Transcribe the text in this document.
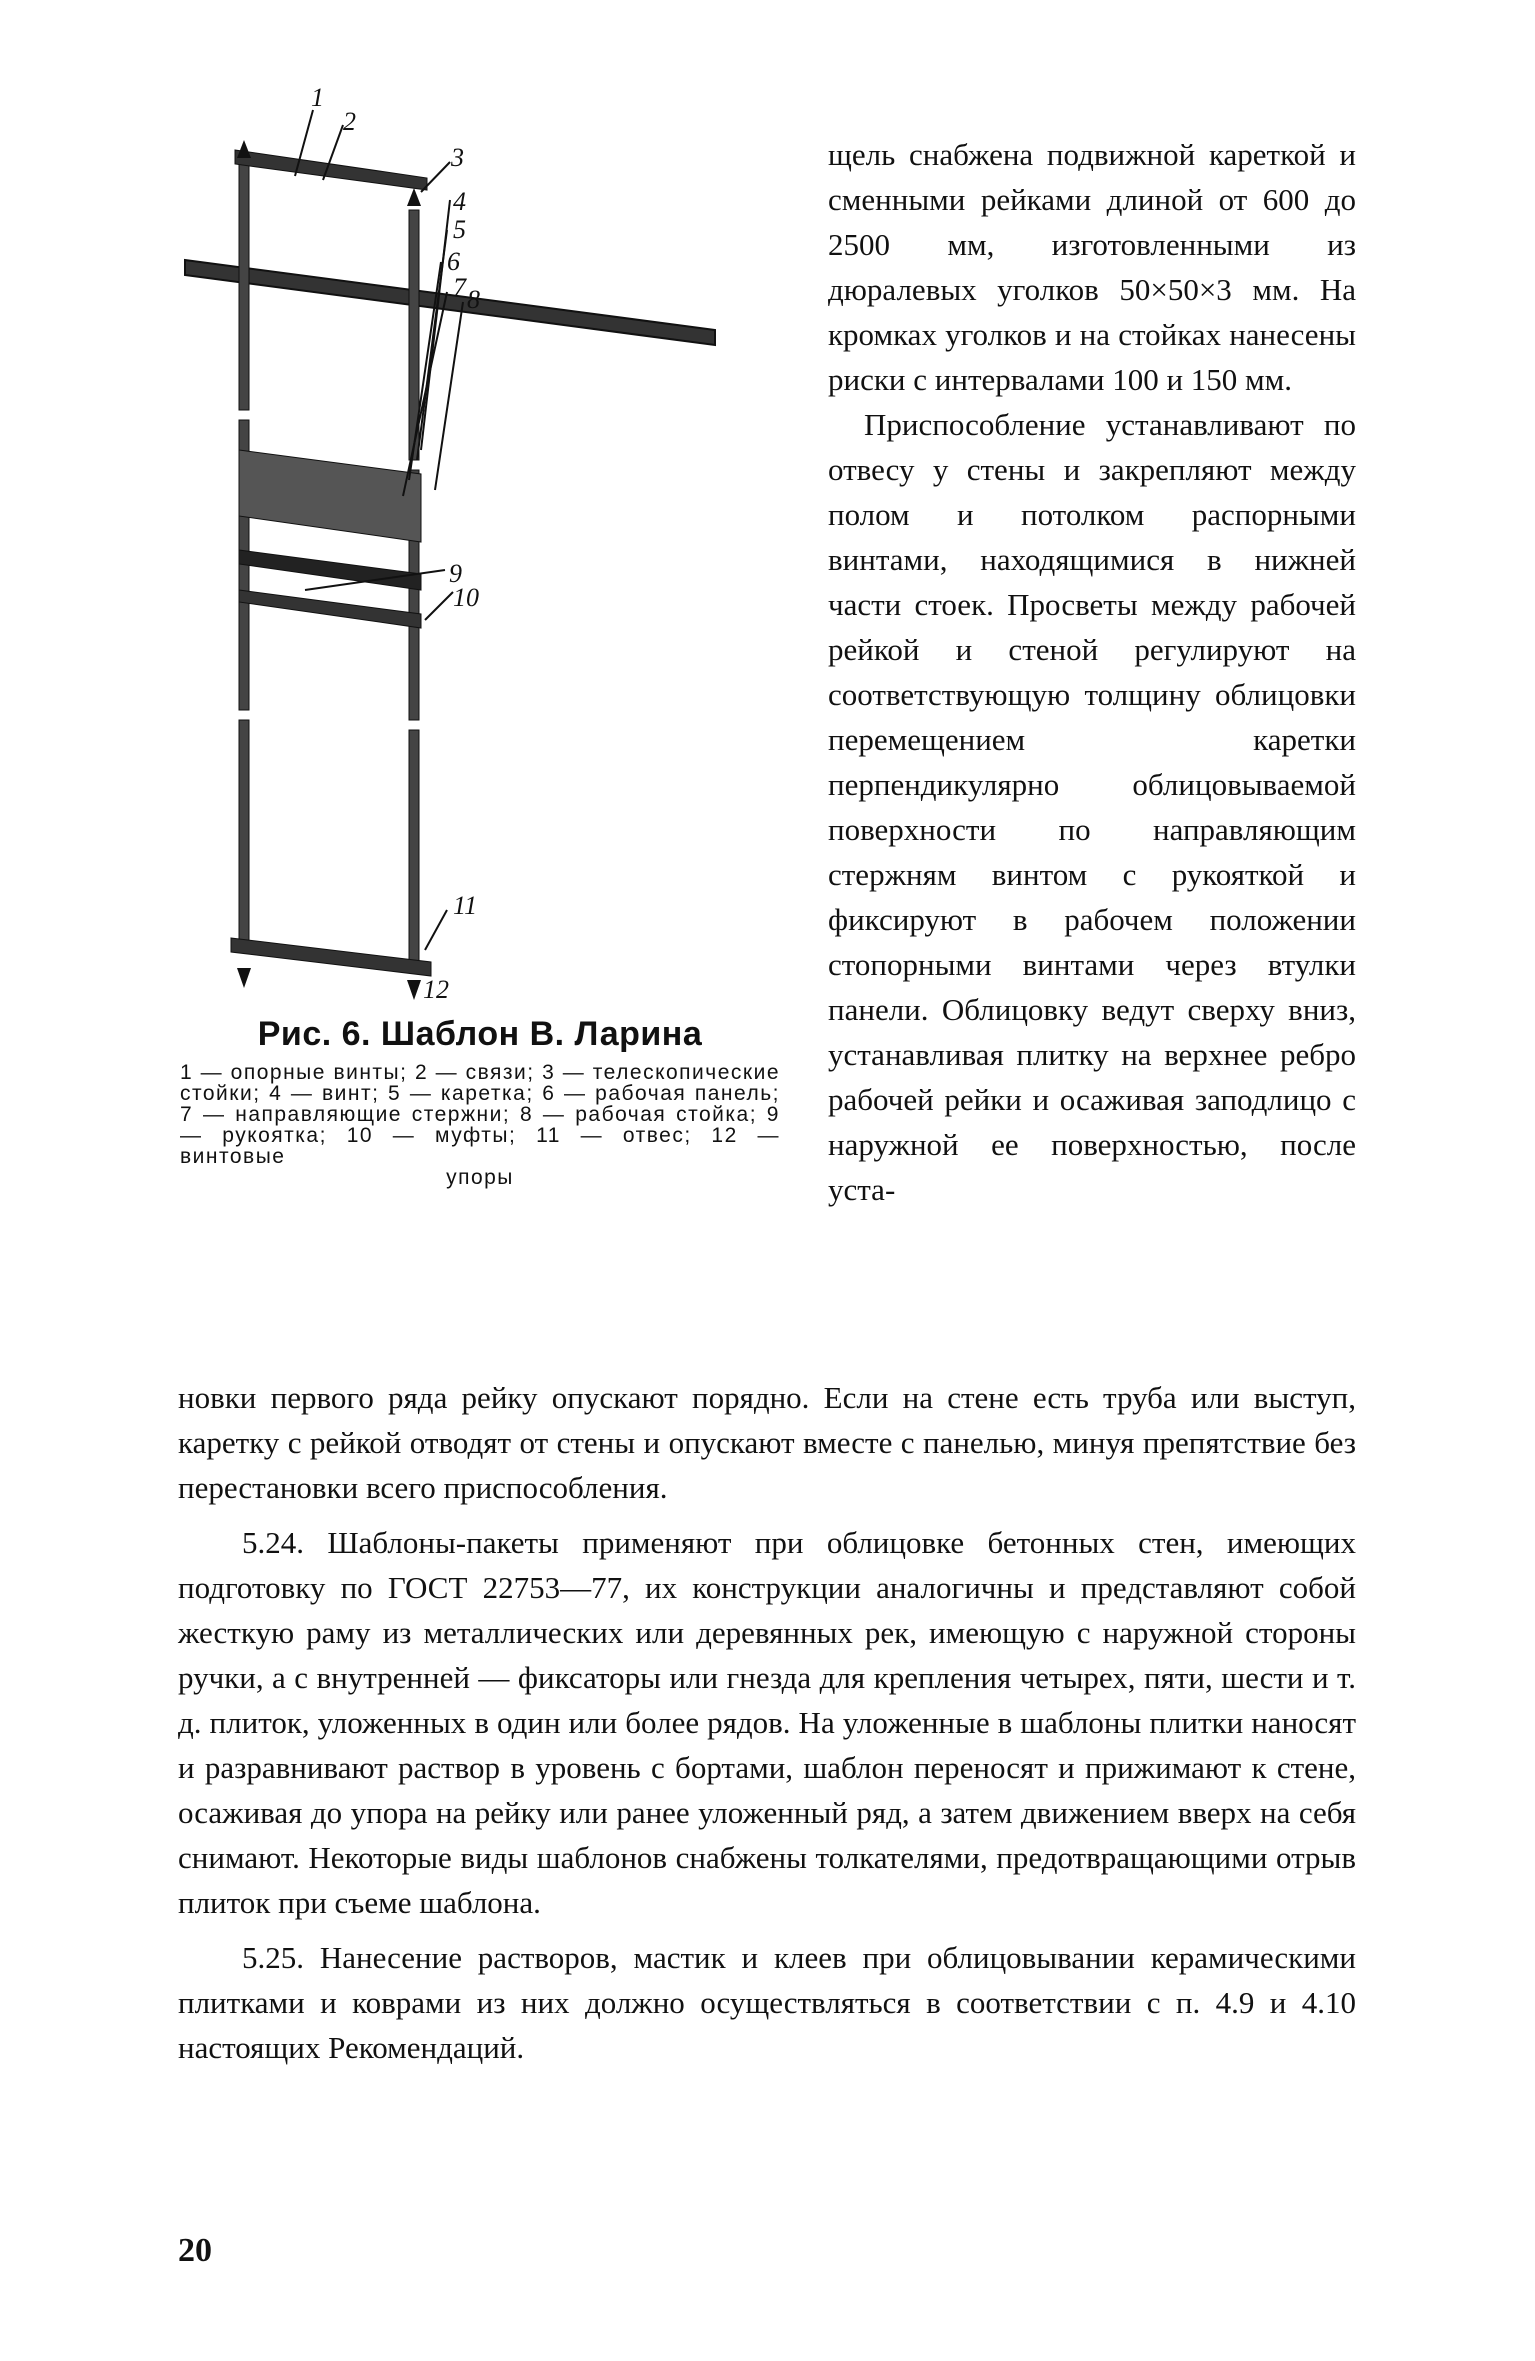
1
2
3
4
5
6
7 8
9
10
11
12

Рис. 6. Шаблон В. Ларина

1 — опорные винты; 2 — связи; 3 — телескопические стойки; 4 — винт; 5 — каретка; 6 — рабочая панель; 7 — направляющие стержни; 8 — рабочая стойка; 9 — рукоятка; 10 — муфты; 11 — отвес; 12 — винтовые
упоры

щель снабжена подвижной кареткой и сменными рейками длиной от 600 до 2500 мм, изготовленными из дюралевых уголков 50×50×3 мм. На кромках уголков и на стойках нанесены риски с интервалами 100 и 150 мм.

Приспособление устанавливают по отвесу у стены и закрепляют между полом и потолком распорными винтами, находящимися в нижней части стоек. Просветы между рабочей рейкой и стеной регулируют на соответствующую толщину облицовки перемещением каретки перпендикулярно облицовываемой поверхности по направляющим стержням винтом с рукояткой и фиксируют в рабочем положении стопорными винтами через втулки панели. Облицовку ведут сверху вниз, устанавливая плитку на верхнее ребро рабочей рейки и осаживая заподлицо с наружной ее поверхностью, после уста-

новки первого ряда рейку опускают порядно. Если на стене есть труба или выступ, каретку с рейкой отводят от стены и опускают вместе с панелью, минуя препятствие без перестановки всего приспособления.

5.24. Шаблоны-пакеты применяют при облицовке бетонных стен, имеющих подготовку по ГОСТ 22753—77, их конструкции аналогичны и представляют собой жесткую раму из металлических или деревянных рек, имеющую с наружной стороны ручки, а с внутренней — фиксаторы или гнезда для крепления четырех, пяти, шести и т. д. плиток, уложенных в один или более рядов. На уложенные в шаблоны плитки наносят и разравнивают раствор в уровень с бортами, шаблон переносят и прижимают к стене, осаживая до упора на рейку или ранее уложенный ряд, а затем движением вверх на себя снимают. Некоторые виды шаблонов снабжены толкателями, предотвращающими отрыв плиток при съеме шаблона.

5.25. Нанесение растворов, мастик и клеев при облицовывании керамическими плитками и коврами из них должно осуществляться в соответствии с п. 4.9 и 4.10 настоящих Рекомендаций.

20
